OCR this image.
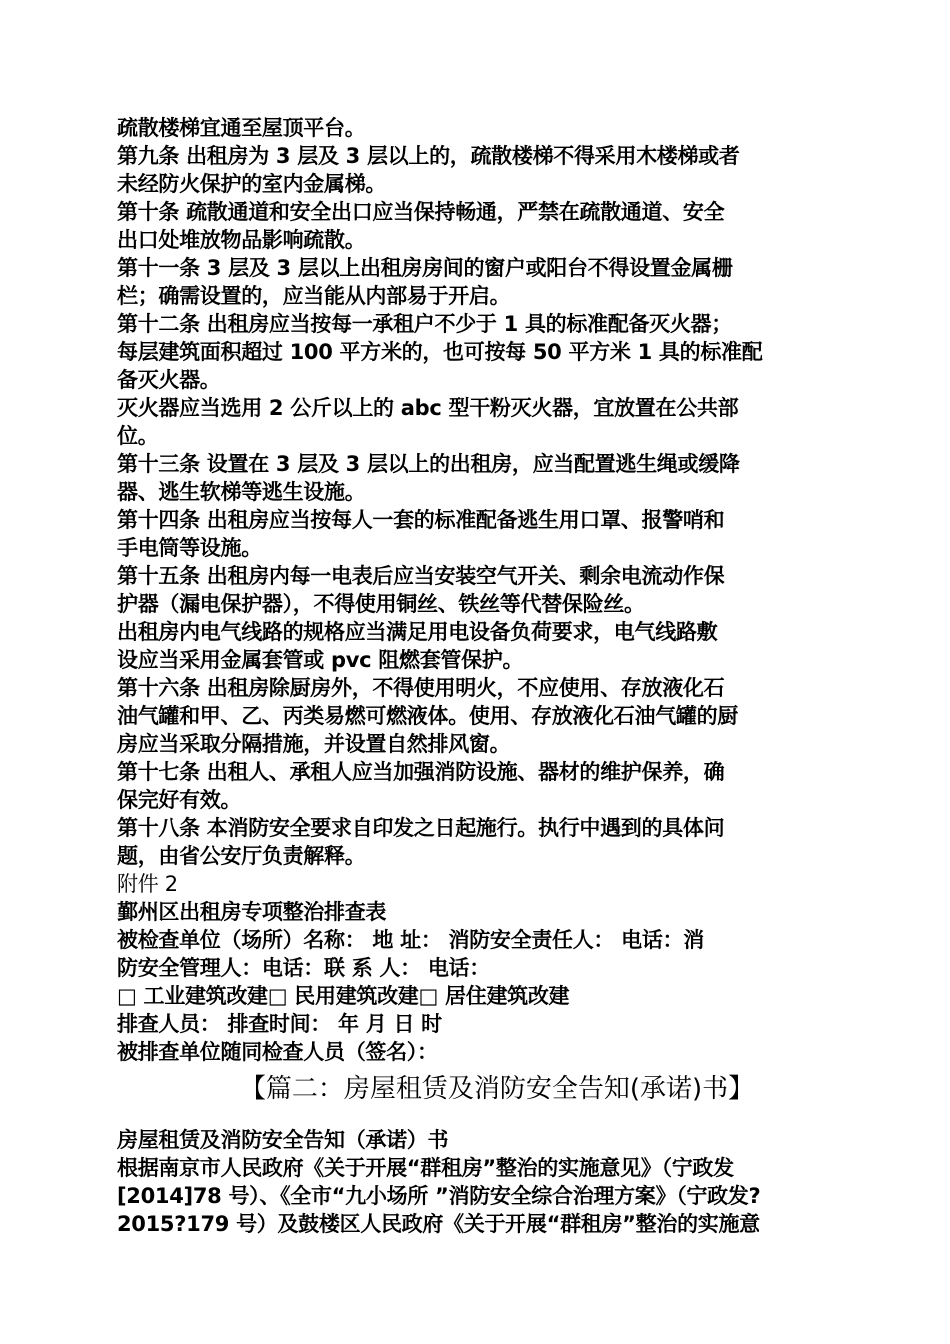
疏散楼梯宜通至屋顶平台。
第九条 出租房为 3 层及 3 层以上的，疏散楼梯不得采用木楼梯或者
未经防火保护的室内金属梯。
第十条 疏散通道和安全出口应当保持畅通，严禁在疏散通道、安全
出口处堆放物品影响疏散。
第十一条 3 层及 3 层以上出租房房间的窗户或阳台不得设置金属栅
栏；确需设置的，应当能从内部易于开启。
第十二条 出租房应当按每一承租户不少于 1 具的标准配备灭火器；
每层建筑面积超过 100 平方米的，也可按每 50 平方米 1 具的标准配
备灭火器。
灭火器应当选用 2 公斤以上的 abc 型干粉灭火器，宜放置在公共部
位。
第十三条 设置在 3 层及 3 层以上的出租房，应当配置逃生绳或缓降
器、逃生软梯等逃生设施。
第十四条 出租房应当按每人一套的标准配备逃生用口罩、报警哨和
手电筒等设施。
第十五条 出租房内每一电表后应当安装空气开关、剩余电流动作保
护器（漏电保护器），不得使用铜丝、铁丝等代替保险丝。
出租房内电气线路的规格应当满足用电设备负荷要求，电气线路敷
设应当采用金属套管或 pvc 阻燃套管保护。
第十六条 出租房除厨房外，不得使用明火，不应使用、存放液化石
油气罐和甲、乙、丙类易燃可燃液体。使用、存放液化石油气罐的厨
房应当采取分隔措施，并设置自然排风窗。
第十七条 出租人、承租人应当加强消防设施、器材的维护保养，确
保完好有效。
第十八条 本消防安全要求自印发之日起施行。执行中遇到的具体问
题，由省公安厅负责解释。
附件 2
鄞州区出租房专项整治排查表
被检查单位（场所）名称： 地 址： 消防安全责任人： 电话：消
防安全管理人：电话：联 系 人： 电话：
□ 工业建筑改建□ 民用建筑改建□ 居住建筑改建
排查人员： 排查时间： 年 月 日 时
被排查单位随同检查人员（签名）：
【篇二：房屋租赁及消防安全告知(承诺)书】
房屋租赁及消防安全告知（承诺）书
根据南京市人民政府《关于开展“群租房”整治的实施意见》（宁政发
[2014]78 号）、《全市“九小场所 ”消防安全综合治理方案》（宁政发?
2015?179 号）及鼓楼区人民政府《关于开展“群租房”整治的实施意
